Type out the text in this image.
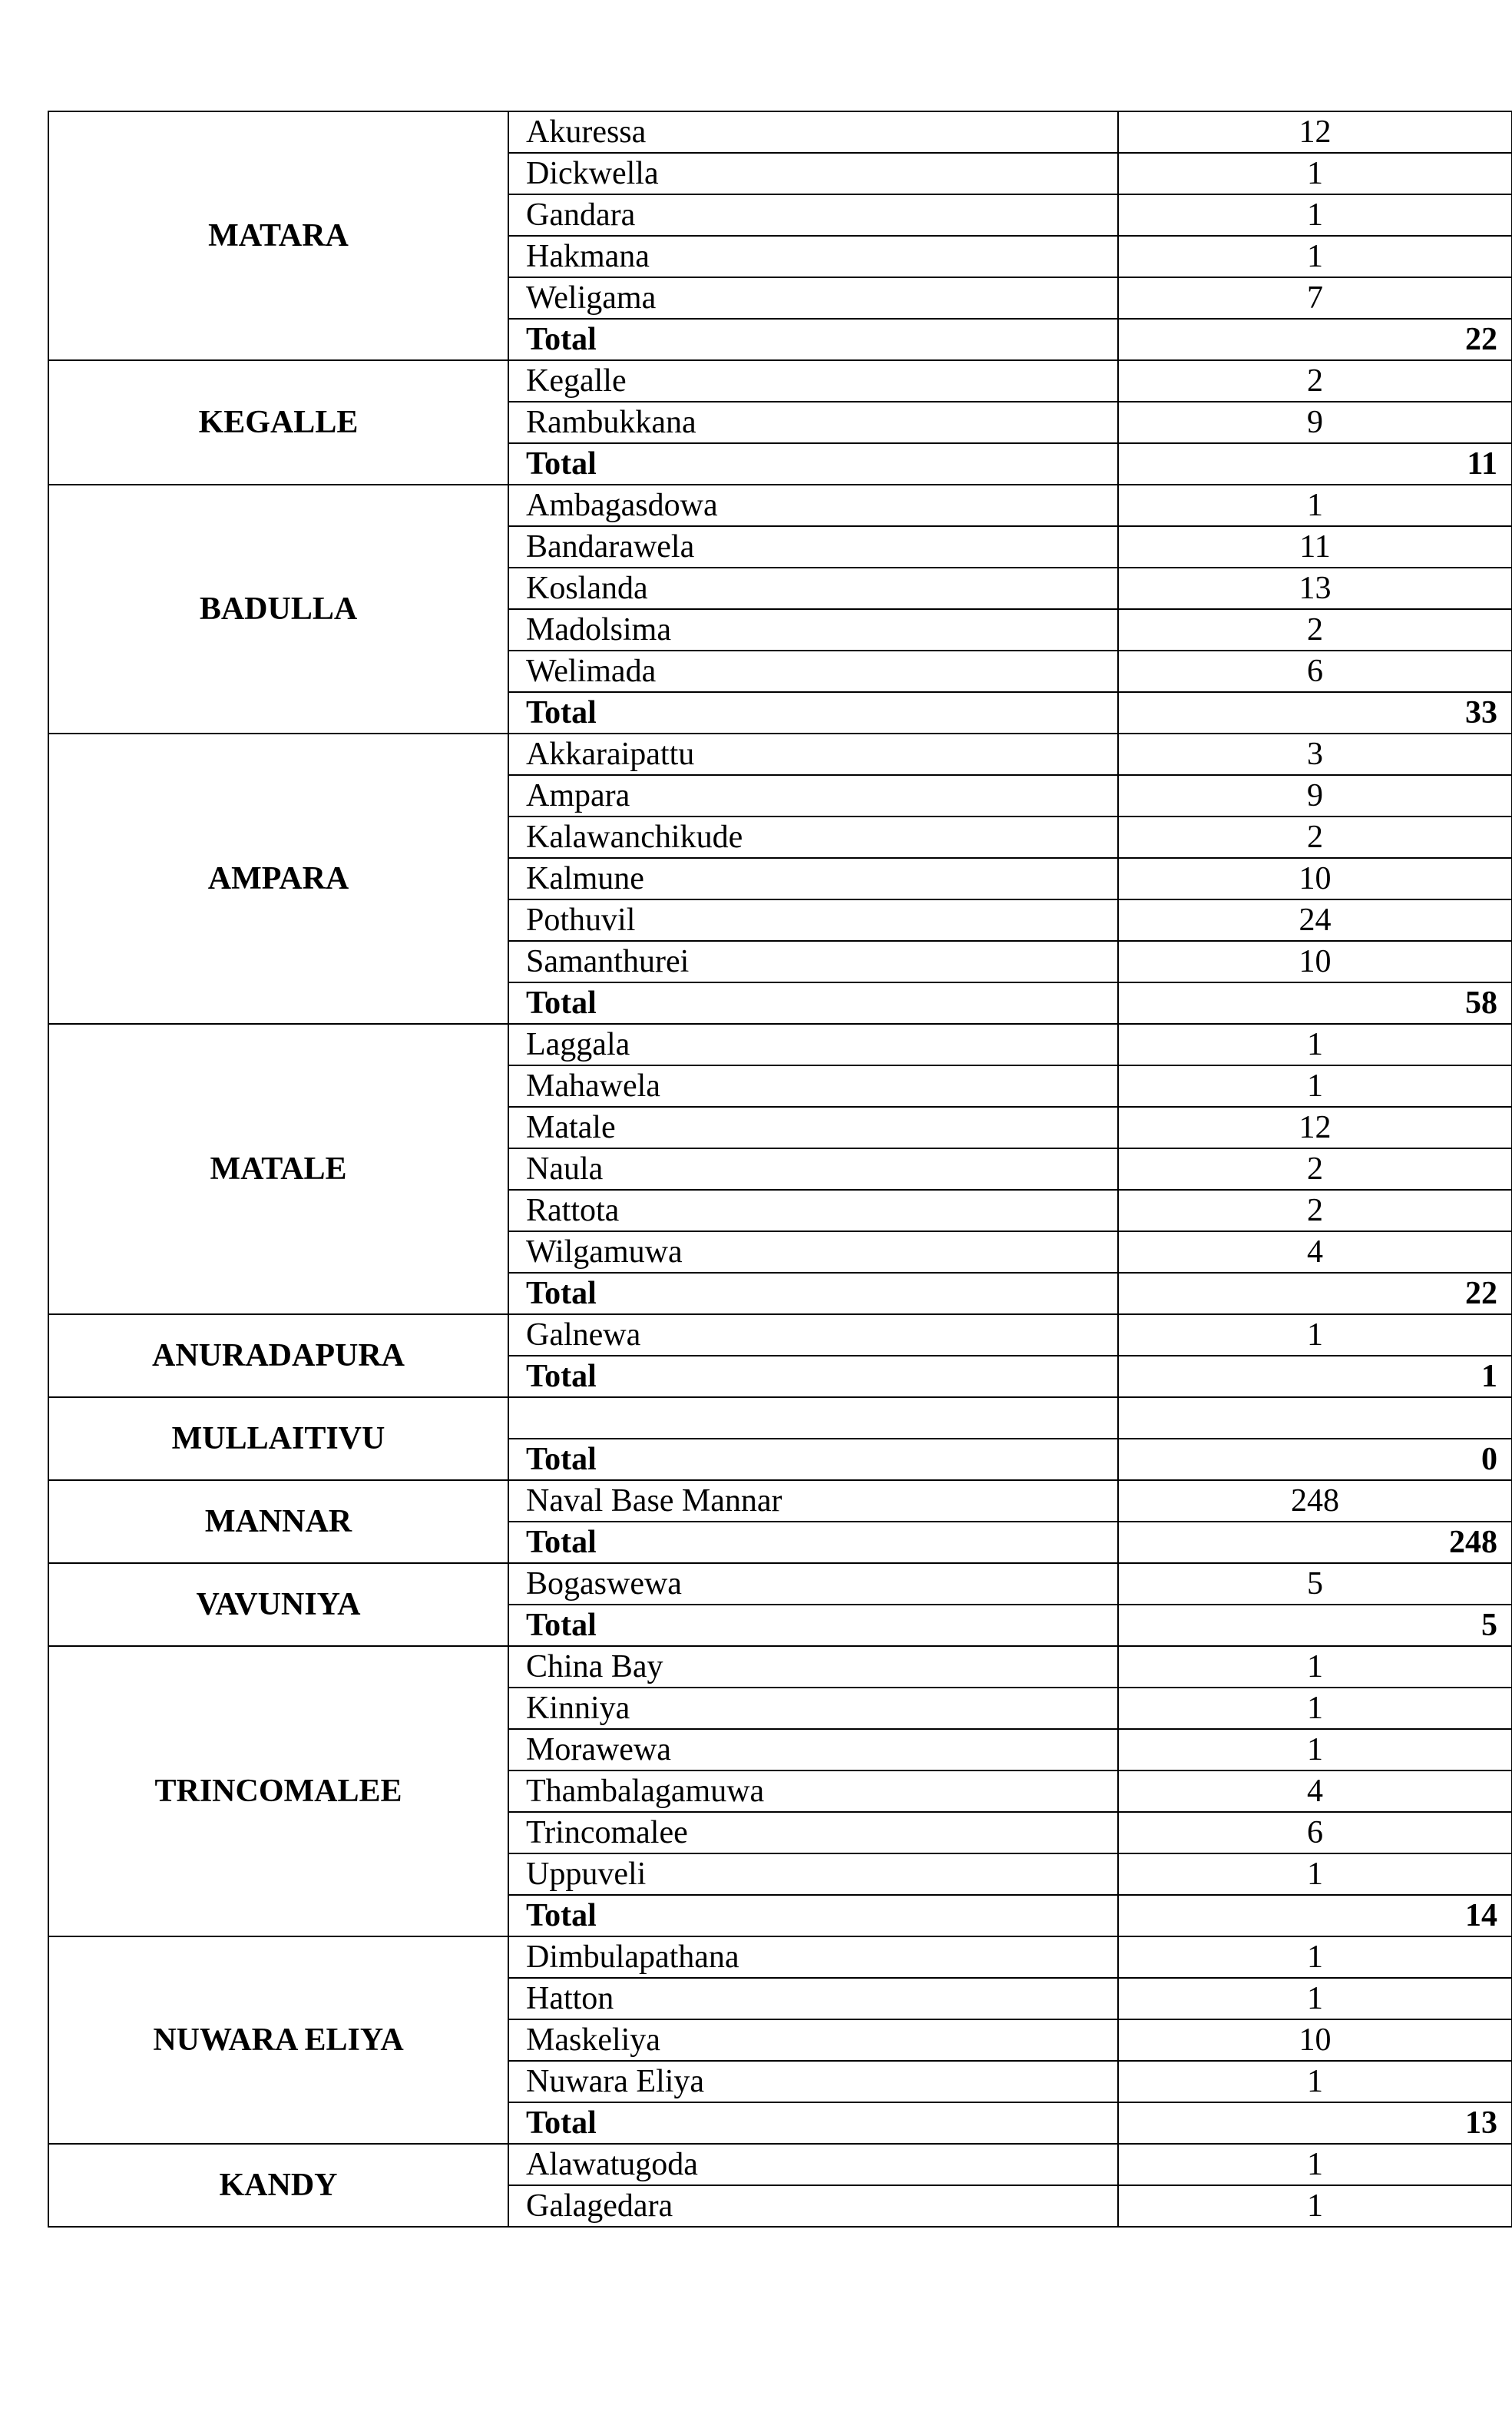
MATARA	Akuressa	12
	Dickwella	1
	Gandara	1
	Hakmana	1
	Weligama	7
	Total	22
KEGALLE	Kegalle	2
	Rambukkana	9
	Total	11
BADULLA	Ambagasdowa	1
	Bandarawela	11
	Koslanda	13
	Madolsima	2
	Welimada	6
	Total	33
AMPARA	Akkaraipattu	3
	Ampara	9
	Kalawanchikude	2
	Kalmune	10
	Pothuvil	24
	Samanthurei	10
	Total	58
MATALE	Laggala	1
	Mahawela	1
	Matale	12
	Naula	2
	Rattota	2
	Wilgamuwa	4
	Total	22
ANURADAPURA	Galnewa	1
	Total	1
MULLAITIVU		
	Total	0
MANNAR	Naval Base Mannar	248
	Total	248
VAVUNIYA	Bogaswewa	5
	Total	5
TRINCOMALEE	China Bay	1
	Kinniya	1
	Morawewa	1
	Thambalagamuwa	4
	Trincomalee	6
	Uppuveli	1
	Total	14
NUWARA ELIYA	Dimbulapathana	1
	Hatton	1
	Maskeliya	10
	Nuwara Eliya	1
	Total	13
KANDY	Alawatugoda	1
	Galagedara	1
